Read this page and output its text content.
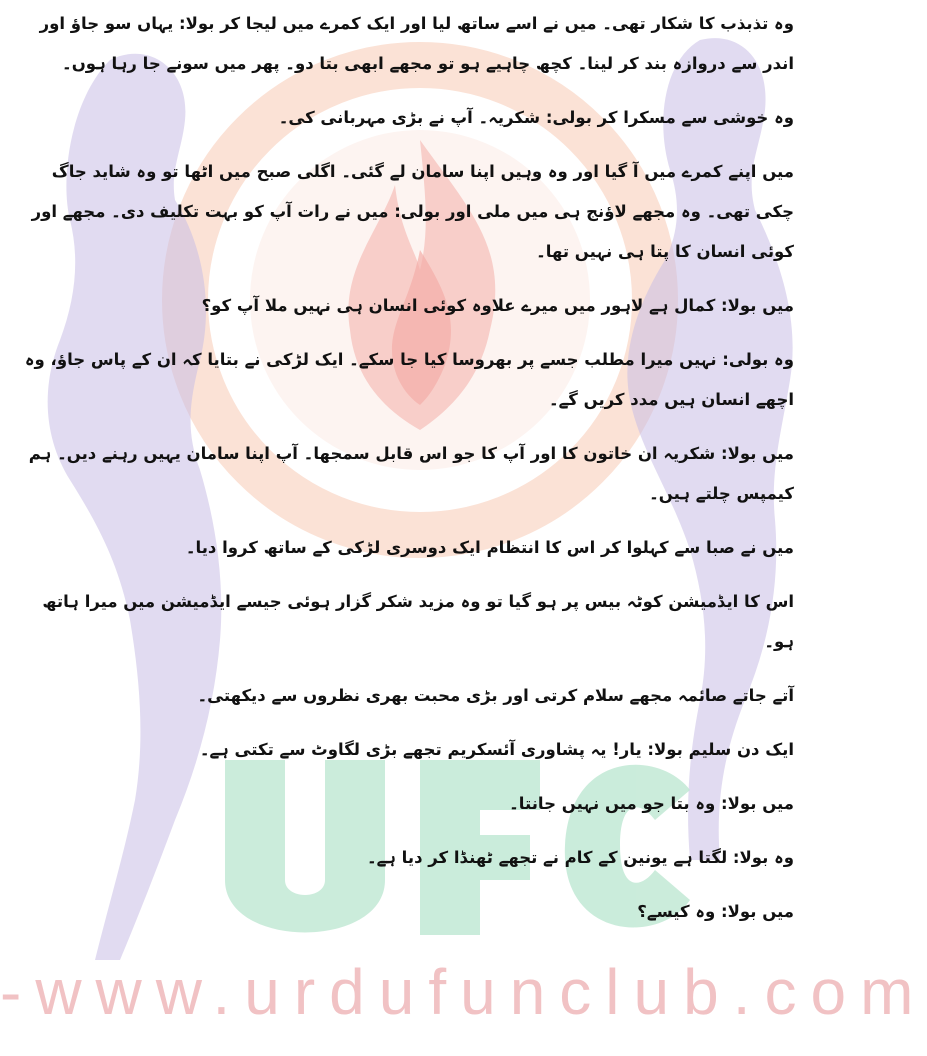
-www.urdufunclub.com

وہ تذبذب کا شکار تھی۔ میں نے اسے ساتھ لیا اور ایک کمرے میں لیجا کر بولا: یہاں سو جاؤ اور اندر سے دروازہ بند کر لینا۔ کچھ چاہیے ہو تو مجھے ابھی بتا دو۔ پھر میں سونے جا رہا ہوں۔

وہ خوشی سے مسکرا کر بولی: شکریہ۔ آپ نے بڑی مہربانی کی۔

میں اپنے کمرے میں آ گیا اور وہ وہیں اپنا سامان لے گئی۔ اگلی صبح میں اٹھا تو وہ شاید جاگ چکی تھی۔ وہ مجھے لاؤنج ہی میں ملی اور بولی: میں نے رات آپ کو بہت تکلیف دی۔ مجھے اور کوئی انسان کا پتا ہی نہیں تھا۔

میں بولا: کمال ہے لاہور میں میرے علاوہ کوئی انسان ہی نہیں ملا آپ کو؟

وہ بولی: نہیں میرا مطلب جسے پر بھروسا کیا جا سکے۔ ایک لڑکی نے بتایا کہ ان کے پاس جاؤ، وہ اچھے انسان ہیں مدد کریں گے۔

میں بولا: شکریہ ان خاتون کا اور آپ کا جو اس قابل سمجھا۔ آپ اپنا سامان یہیں رہنے دیں۔ ہم کیمپس چلتے ہیں۔

میں نے صبا سے کہلوا کر اس کا انتظام ایک دوسری لڑکی کے ساتھ کروا دیا۔

اس کا ایڈمیشن کوٹہ بیس پر ہو گیا تو وہ مزید شکر گزار ہوئی جیسے ایڈمیشن میں میرا ہاتھ ہو۔

آتے جاتے صائمہ مجھے سلام کرتی اور بڑی محبت بھری نظروں سے دیکھتی۔

ایک دن سلیم بولا: یار! یہ پشاوری آئسکریم تجھے بڑی لگاوٹ سے تکتی ہے۔

میں بولا: وہ بتا جو میں نہیں جانتا۔

وہ بولا: لگتا ہے یونین کے کام نے تجھے ٹھنڈا کر دیا ہے۔

میں بولا: وہ کیسے؟
